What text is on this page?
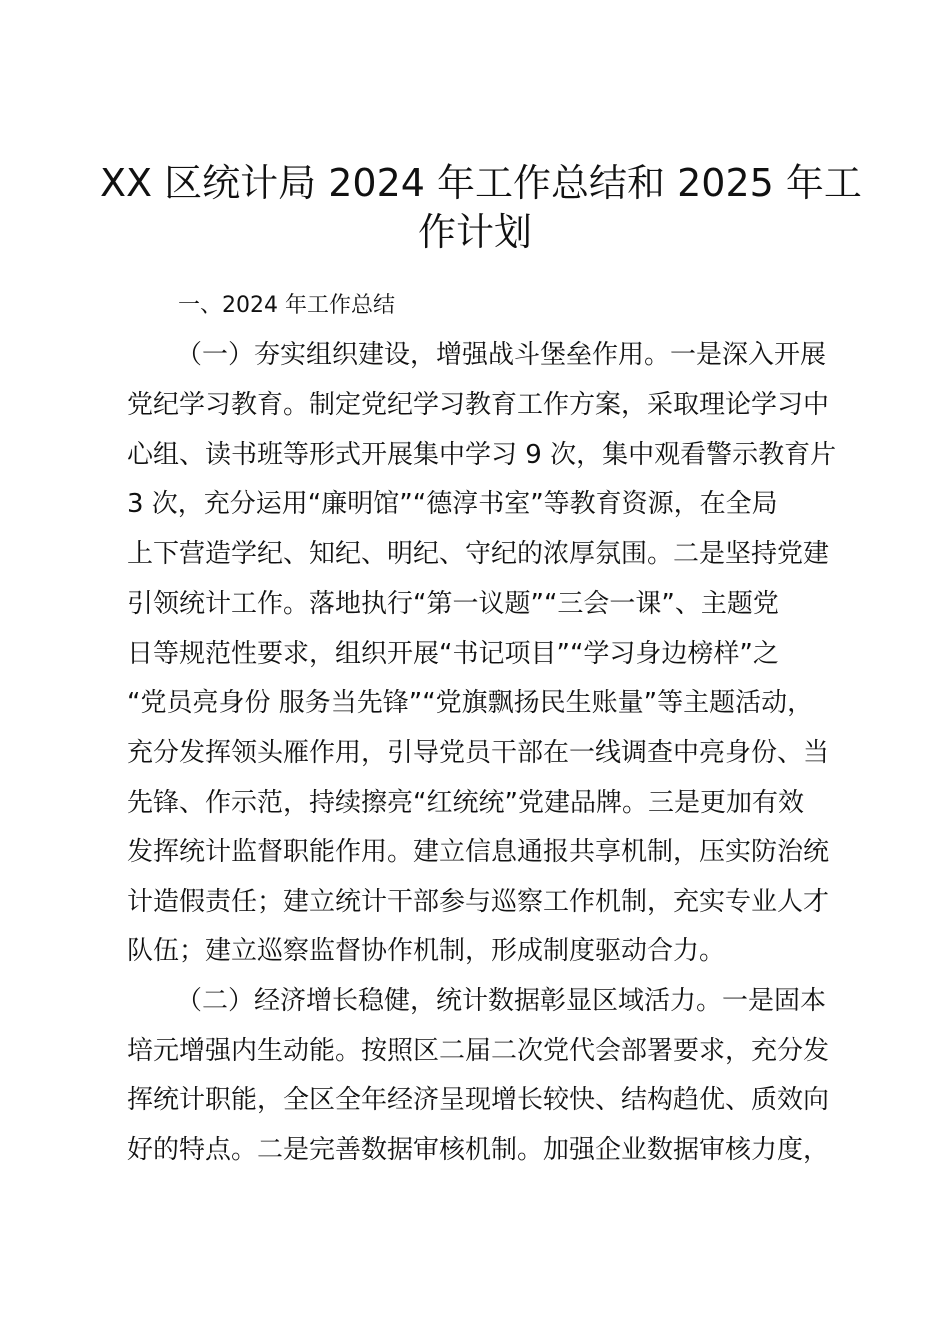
XX 区统计局 2024 年工作总结和 2025 年工
作计划
一、2024 年工作总结

（一）夯实组织建设，增强战斗堡垒作用。一是深入开展

党纪学习教育。制定党纪学习教育工作方案，采取理论学习中

心组、读书班等形式开展集中学习 9 次，集中观看警示教育片

3 次，充分运用“廉明馆”“德淳书室”等教育资源，在全局

上下营造学纪、知纪、明纪、守纪的浓厚氛围。二是坚持党建

引领统计工作。落地执行“第一议题”“三会一课”、主题党

日等规范性要求，组织开展“书记项目”“学习身边榜样”之

“党员亮身份 服务当先锋”“党旗飘扬民生账量”等主题活动，

充分发挥领头雁作用，引导党员干部在一线调查中亮身份、当

先锋、作示范，持续擦亮“红统统”党建品牌。三是更加有效

发挥统计监督职能作用。建立信息通报共享机制，压实防治统

计造假责任；建立统计干部参与巡察工作机制，充实专业人才

队伍；建立巡察监督协作机制，形成制度驱动合力。

（二）经济增长稳健，统计数据彰显区域活力。一是固本

培元增强内生动能。按照区二届二次党代会部署要求，充分发

挥统计职能，全区全年经济呈现增长较快、结构趋优、质效向

好的特点。二是完善数据审核机制。加强企业数据审核力度，
